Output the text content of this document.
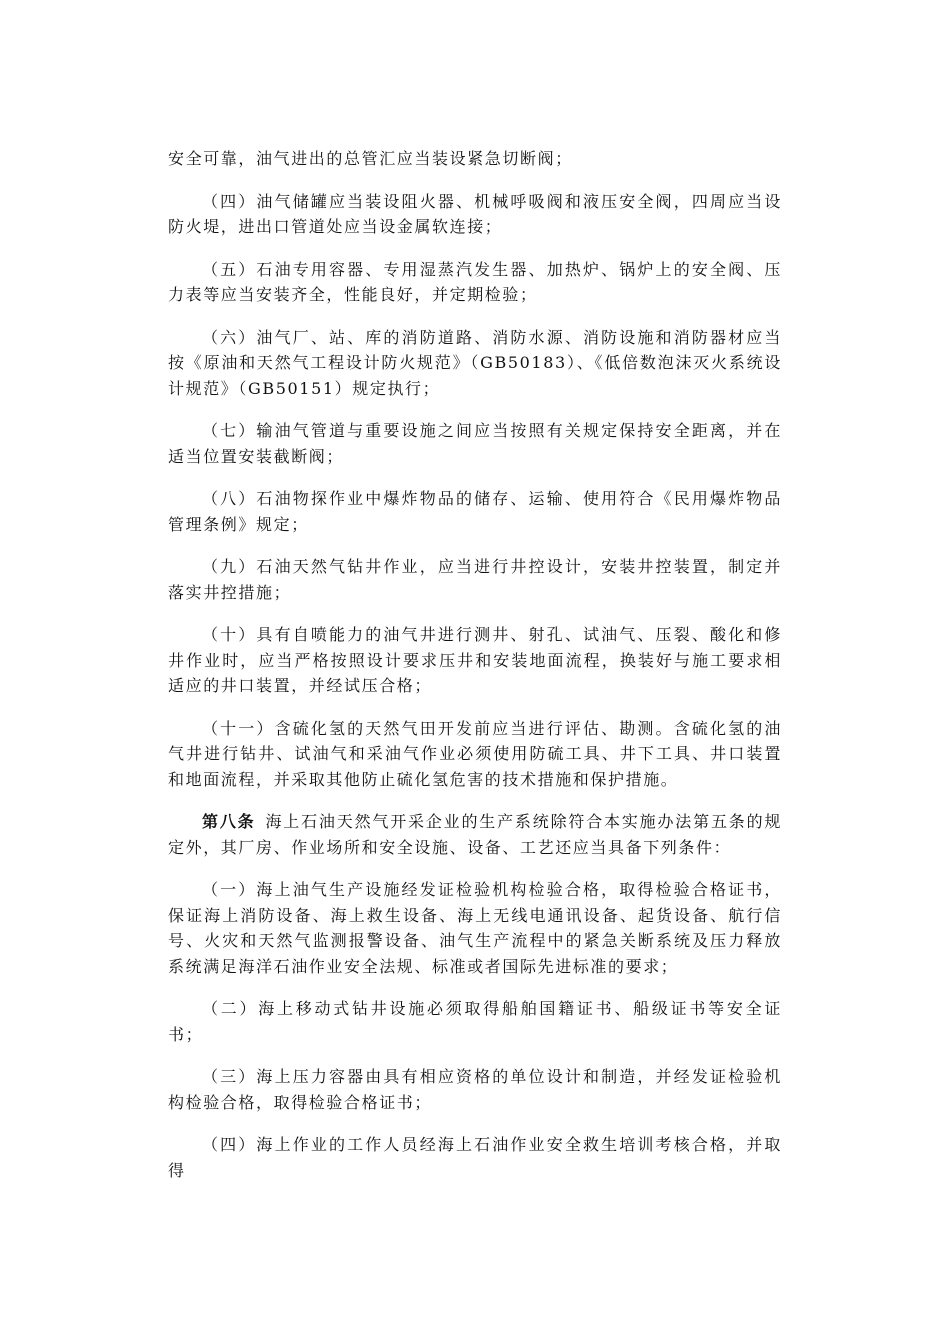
安全可靠，油气进出的总管汇应当装设紧急切断阀；

（四）油气储罐应当装设阻火器、机械呼吸阀和液压安全阀，四周应当设防火堤，进出口管道处应当设金属软连接；

（五）石油专用容器、专用湿蒸汽发生器、加热炉、锅炉上的安全阀、压力表等应当安装齐全，性能良好，并定期检验；

（六）油气厂、站、库的消防道路、消防水源、消防设施和消防器材应当按《原油和天然气工程设计防火规范》（GB50183）、《低倍数泡沫灭火系统设计规范》（GB50151）规定执行；

（七）输油气管道与重要设施之间应当按照有关规定保持安全距离，并在适当位置安装截断阀；

（八）石油物探作业中爆炸物品的储存、运输、使用符合《民用爆炸物品管理条例》规定；

（九）石油天然气钻井作业，应当进行井控设计，安装井控装置，制定并落实井控措施；

（十）具有自喷能力的油气井进行测井、射孔、试油气、压裂、酸化和修井作业时，应当严格按照设计要求压井和安装地面流程，换装好与施工要求相适应的井口装置，并经试压合格；

（十一）含硫化氢的天然气田开发前应当进行评估、勘测。含硫化氢的油气井进行钻井、试油气和采油气作业必须使用防硫工具、井下工具、井口装置和地面流程，并采取其他防止硫化氢危害的技术措施和保护措施。

第八条 海上石油天然气开采企业的生产系统除符合本实施办法第五条的规定外，其厂房、作业场所和安全设施、设备、工艺还应当具备下列条件：

（一）海上油气生产设施经发证检验机构检验合格，取得检验合格证书，保证海上消防设备、海上救生设备、海上无线电通讯设备、起货设备、航行信号、火灾和天然气监测报警设备、油气生产流程中的紧急关断系统及压力释放系统满足海洋石油作业安全法规、标准或者国际先进标准的要求；

（二）海上移动式钻井设施必须取得船舶国籍证书、船级证书等安全证书；

（三）海上压力容器由具有相应资格的单位设计和制造，并经发证检验机构检验合格，取得检验合格证书；

（四）海上作业的工作人员经海上石油作业安全救生培训考核合格，并取得
